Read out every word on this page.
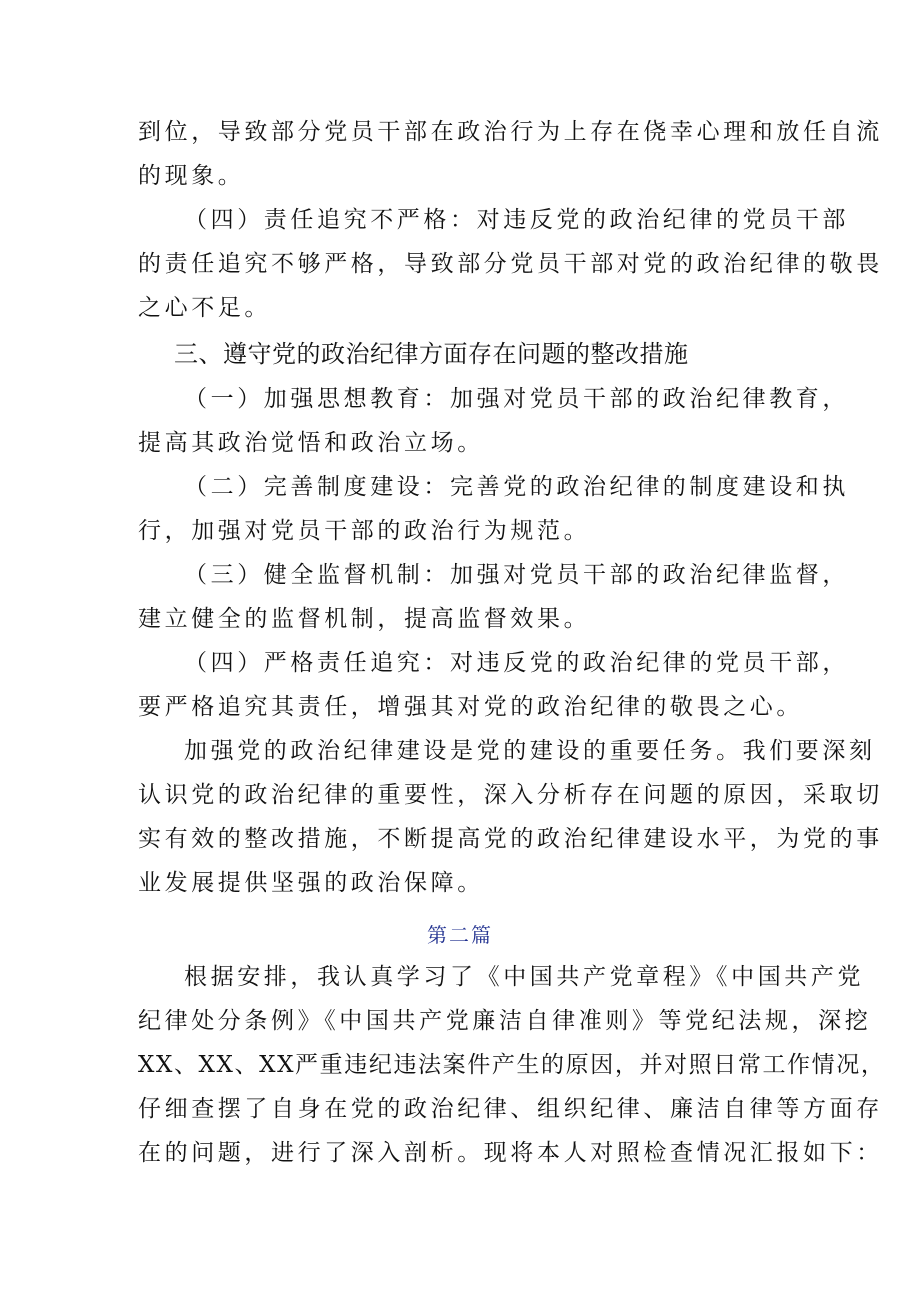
到位，导致部分党员干部在政治行为上存在侥幸心理和放任自流
的现象。
（四）责任追究不严格：对违反党的政治纪律的党员干部
的责任追究不够严格，导致部分党员干部对党的政治纪律的敬畏
之心不足。
三、遵守党的政治纪律方面存在问题的整改措施
（一）加强思想教育：加强对党员干部的政治纪律教育，
提高其政治觉悟和政治立场。
（二）完善制度建设：完善党的政治纪律的制度建设和执
行，加强对党员干部的政治行为规范。
（三）健全监督机制：加强对党员干部的政治纪律监督，
建立健全的监督机制，提高监督效果。
（四）严格责任追究：对违反党的政治纪律的党员干部，
要严格追究其责任，增强其对党的政治纪律的敬畏之心。
加强党的政治纪律建设是党的建设的重要任务。我们要深刻
认识党的政治纪律的重要性，深入分析存在问题的原因，采取切
实有效的整改措施，不断提高党的政治纪律建设水平，为党的事
业发展提供坚强的政治保障。
第二篇
根据安排，我认真学习了《中国共产党章程》《中国共产党
纪律处分条例》《中国共产党廉洁自律准则》等党纪法规，深挖
XX、XX、XX严重违纪违法案件产生的原因，并对照日常工作情况，
仔细查摆了自身在党的政治纪律、组织纪律、廉洁自律等方面存
在的问题，进行了深入剖析。现将本人对照检查情况汇报如下：
